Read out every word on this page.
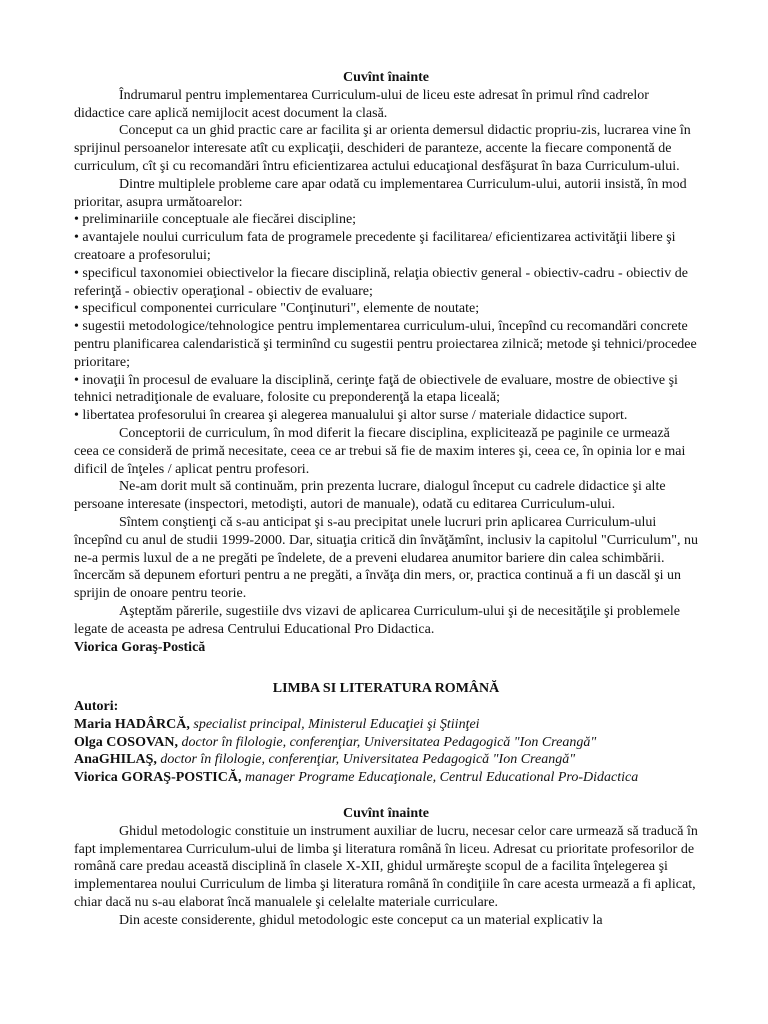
Cuvînt înainte

Îndrumarul pentru implementarea Curriculum-ului de liceu este adresat în primul rînd cadrelor didactice care aplică nemijlocit acest document la clasă.

Conceput ca un ghid practic care ar facilita şi ar orienta demersul didactic propriu-zis, lucrarea vine în sprijinul persoanelor interesate atît cu explicaţii, deschideri de paranteze, accente la fiecare componentă de curriculum, cît şi cu recomandări întru eficientizarea actului educaţional desfăşurat în baza Curriculum-ului.

Dintre multiplele probleme care apar odată cu implementarea Curriculum-ului, autorii insistă, în mod prioritar, asupra următoarelor:

• preliminariile conceptuale ale fiecărei discipline;

• avantajele noului curriculum fata de programele precedente şi facilitarea/ eficientizarea activităţii libere şi creatoare a profesorului;

• specificul taxonomiei obiectivelor la fiecare disciplină, relaţia obiectiv general - obiectiv-cadru - obiectiv de referinţă - obiectiv operaţional - obiectiv de evaluare;

• specificul componentei curriculare "Conţinuturi", elemente de noutate;

• sugestii metodologice/tehnologice pentru implementarea curriculum-ului, începînd cu recomandări concrete pentru planificarea calendaristică şi terminînd cu sugestii pentru proiectarea zilnică; metode şi tehnici/procedee prioritare;

• inovaţii în procesul de evaluare la disciplină, cerinţe faţă de obiectivele de evaluare, mostre de obiective şi tehnici netradiţionale de evaluare, folosite cu preponderenţă la etapa liceală;

• libertatea profesorului în crearea şi alegerea manualului şi altor surse / materiale didactice suport.

Conceptorii de curriculum, în mod diferit la fiecare disciplina, explicitează pe paginile ce urmează ceea ce consideră de primă necesitate, ceea ce ar trebui să fie de maxim interes şi, ceea ce, în opinia lor e mai dificil de înţeles / aplicat pentru profesori.

Ne-am dorit mult să continuăm, prin prezenta lucrare, dialogul început cu cadrele didactice şi alte persoane interesate (inspectori, metodişti, autori de manuale), odată cu editarea Curriculum-ului.

Sîntem conştienţi că s-au anticipat şi s-au precipitat unele lucruri prin aplicarea Curriculum-ului începînd cu anul de studii 1999-2000. Dar, situaţia critică din învăţămînt, inclusiv la capitolul "Curriculum", nu ne-a permis luxul de a ne pregăti pe îndelete, de a preveni eludarea anumitor bariere din calea schimbării. încercăm să depunem eforturi pentru a ne pregăti, a învăţa din mers, or, practica continuă a fi un dascăl şi un sprijin de onoare pentru teorie.

Aşteptăm părerile, sugestiile dvs vizavi de aplicarea Curriculum-ului şi de necesităţile şi problemele legate de aceasta pe adresa Centrului Educational Pro Didactica.

Viorica Goraş-Postică

LIMBA SI LITERATURA ROMÂNĂ

Autori:

Maria HADÂRCĂ, specialist principal, Ministerul Educaţiei şi Ştiinţei

Olga COSOVAN, doctor în filologie, conferenţiar, Universitatea Pedagogică "Ion Creangă"

AnaGHILAŞ, doctor în filologie, conferenţiar, Universitatea Pedagogică "Ion Creangă"

Viorica GORAŞ-POSTICĂ, manager Programe Educaţionale, Centrul Educational Pro-Didactica

Cuvînt înainte

Ghidul metodologic constituie un instrument auxiliar de lucru, necesar celor care urmează să traducă în fapt implementarea Curriculum-ului de limba şi literatura română în liceu. Adresat cu prioritate profesorilor de română care predau această disciplină în clasele X-XII, ghidul urmăreşte scopul de a facilita înţelegerea şi implementarea noului Curriculum de limba şi literatura română în condiţiile în care acesta urmează a fi aplicat, chiar dacă nu s-au elaborat încă manualele şi celelalte materiale curriculare.

Din aceste considerente, ghidul metodologic este conceput ca un material explicativ la
